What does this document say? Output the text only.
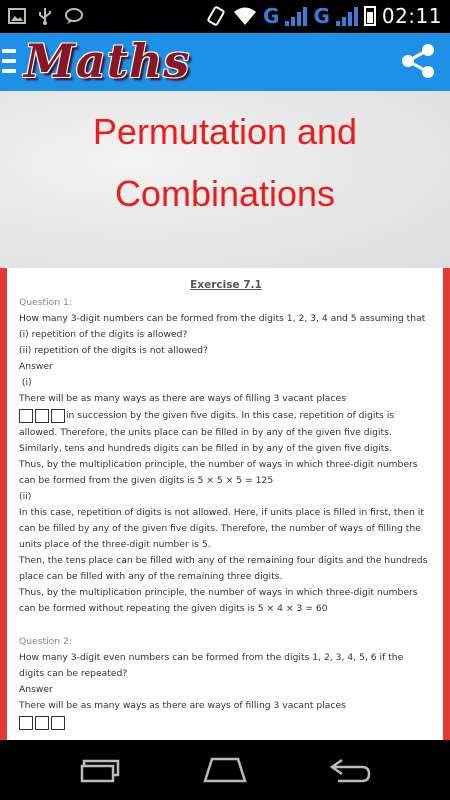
G G	02:11
Maths
Permutation and
Combinations
Exercise 7.1
Question 1:
How many 3-digit numbers can be formed from the digits 1, 2, 3, 4 and 5 assuming that
(i) repetition of the digits is allowed?
(ii) repetition of the digits is not allowed?
Answer
(i)
There will be as many ways as there are ways of filling 3 vacant places
in succession by the given five digits. In this case, repetition of digits is
allowed. Therefore, the units place can be filled in by any of the given five digits.
Similarly, tens and hundreds digits can be filled in by any of the given five digits.
Thus, by the multiplication principle, the number of ways in which three-digit numbers
can be formed from the given digits is 5 × 5 × 5 = 125
(ii)
In this case, repetition of digits is not allowed. Here, if units place is filled in first, then it
can be filled by any of the given five digits. Therefore, the number of ways of filling the
units place of the three-digit number is 5.
Then, the tens place can be filled with any of the remaining four digits and the hundreds
place can be filled with any of the remaining three digits.
Thus, by the multiplication principle, the number of ways in which three-digit numbers
can be formed without repeating the given digits is 5 × 4 × 3 = 60
Question 2:
How many 3-digit even numbers can be formed from the digits 1, 2, 3, 4, 5, 6 if the
digits can be repeated?
Answer
There will be as many ways as there are ways of filling 3 vacant places
